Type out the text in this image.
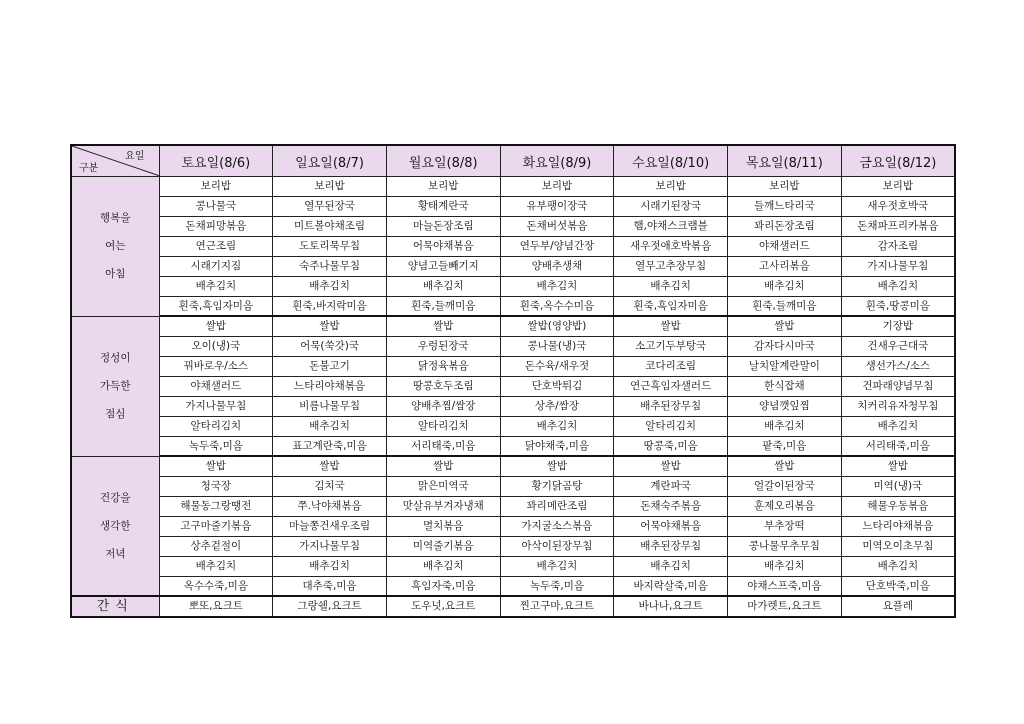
요일
구분	토요일(8/6)	일요일(8/7)	월요일(8/8)	화요일(8/9)	수요일(8/10)	목요일(8/11)	금요일(8/12)

행복을
여는
아침	보리밥	보리밥	보리밥	보리밥	보리밥	보리밥	보리밥
	콩나물국	열무된장국	황태계란국	유부팽이장국	시래기된장국	들깨느타리국	새우젓호박국
	돈채피망볶음	미트볼야채조림	마늘돈장조림	돈채버섯볶음	햄,야채스크램블	꽈리돈장조림	돈채파프리카볶음
	연근조림	도토리묵무침	어묵야채볶음	연두부/양념간장	새우젓애호박볶음	야채샐러드	감자조림
	시래기지짐	숙주나물무침	양념고들빼기지	양배추생채	열무고추장무침	고사리볶음	가지나물무침
	배추김치	배추김치	배추김치	배추김치	배추김치	배추김치	배추김치
	흰죽,흑임자미음	흰죽,바지락미음	흰죽,들깨미음	흰죽,옥수수미음	흰죽,흑임자미음	흰죽,들깨미음	흰죽,땅콩미음

정성이
가득한
점심	쌀밥	쌀밥	쌀밥	쌀밥(영양밥)	쌀밥	쌀밥	기장밥
	오이(냉)국	어묵(쑥갓)국	우렁된장국	콩나물(냉)국	소고기두부탕국	감자다시마국	건새우근대국
	꿔바로우/소스	돈불고기	닭정육볶음	돈수육/새우젓	코다리조림	날치알계란말이	생선가스/소스
	야채샐러드	느타리야채볶음	땅콩호두조림	단호박튀김	연근흑임자샐러드	한식잡채	건파래양념무침
	가지나물무침	비름나물무침	양배추찜/쌈장	상추/쌈장	배추된장무침	양념깻잎찜	치커리유자청무침
	알타리김치	배추김치	알타리김치	배추김치	알타리김치	배추김치	배추김치
	녹두죽,미음	표고계란죽,미음	서리태죽,미음	닭야채죽,미음	땅콩죽,미음	팥죽,미음	서리태죽,미음

건강을
생각한
저녁	쌀밥	쌀밥	쌀밥	쌀밥	쌀밥	쌀밥	쌀밥
	청국장	김치국	맑은미역국	황기닭곰탕	계란파국	얼갈이된장국	미역(냉)국
	해물동그랑땡전	쭈.낙야채볶음	맛살유부겨자냉채	꽈리메란조림	돈채숙주볶음	훈제오리볶음	해물우동볶음
	고구마줄기볶음	마늘쫑건새우조림	멸치볶음	가지굴소스볶음	어묵야채볶음	부추장떡	느타리야채볶음
	상추겉절이	가지나물무침	미역줄기볶음	아삭이된장무침	배추된장무침	콩나물무추무침	미역오이초무침
	배추김치	배추김치	배추김치	배추김치	배추김치	배추김치	배추김치
	옥수수죽,미음	대추죽,미음	흑임자죽,미음	녹두죽,미음	바지락살죽,미음	야채스프죽,미음	단호박죽,미음
간식	뽀또,요크트	그랑쉘,요크트	도우넛,요크트	찐고구마,요크트	바나나,요크트	마가렛트,요크트	요플레
